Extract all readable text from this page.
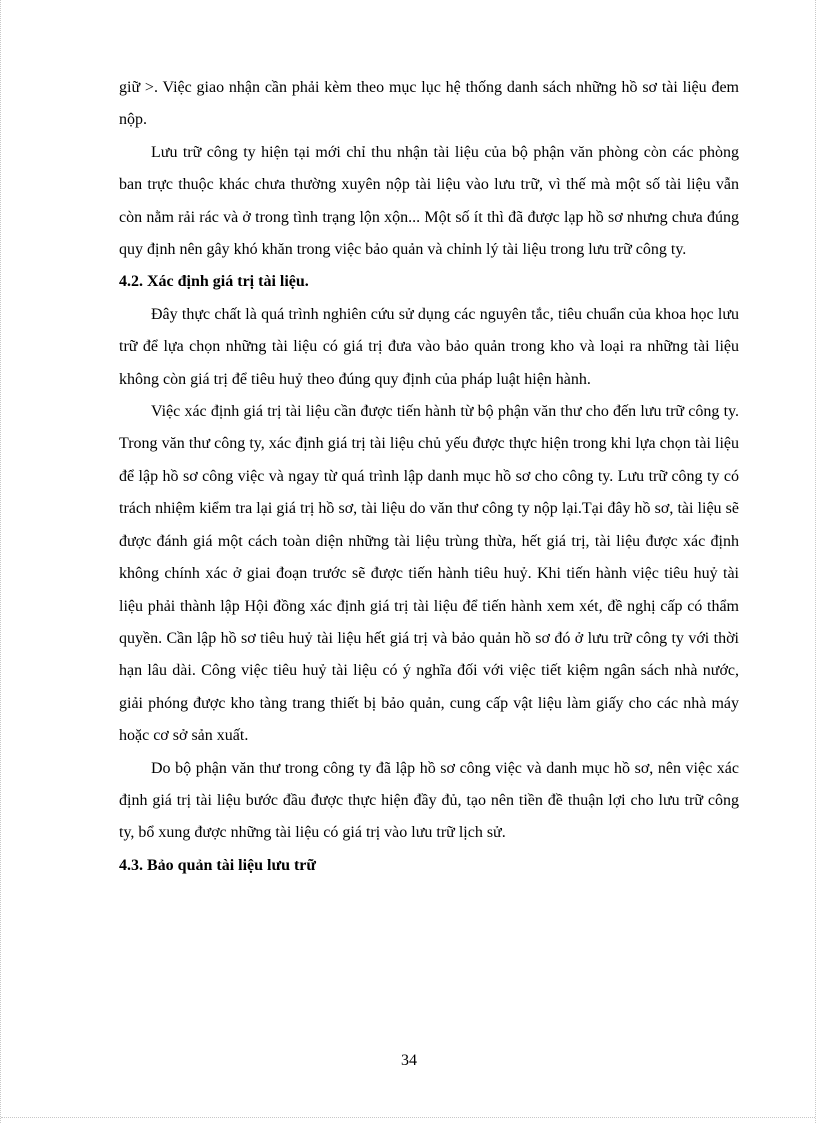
giữ >. Việc giao nhận cần phải kèm theo mục lục hệ thống danh sách những hồ sơ tài liệu đem nộp.

Lưu trữ công ty hiện tại mới chỉ thu nhận tài liệu của bộ phận văn phòng còn các phòng ban trực thuộc khác chưa thường xuyên nộp tài liệu vào lưu trữ, vì thế mà một số tài liệu vẫn còn nằm rải rác và ở trong tình trạng lộn xộn... Một số ít thì đã được lạp hồ sơ nhưng chưa đúng quy định nên gây khó khăn trong việc bảo quản và chỉnh lý tài liệu trong lưu trữ công ty.

4.2. Xác định giá trị tài liệu.

Đây thực chất là quá trình nghiên cứu sử dụng các nguyên tắc, tiêu chuẩn của khoa học lưu trữ để lựa chọn những tài liệu có giá trị đưa vào bảo quản trong kho và loại ra những tài liệu không còn giá trị để tiêu huỷ theo đúng quy định của pháp luật hiện hành.

Việc xác định giá trị tài liệu cần được tiến hành từ bộ phận văn thư cho đến lưu trữ công ty. Trong văn thư công ty, xác định giá trị tài liệu chủ yếu được thực hiện trong khi lựa chọn tài liệu để lập hồ sơ công việc và ngay từ quá trình lập danh mục hồ sơ cho công ty. Lưu trữ công ty có trách nhiệm kiểm tra lại giá trị hồ sơ, tài liệu do văn thư công ty nộp lại.Tại đây hồ sơ, tài liệu sẽ được đánh giá một cách toàn diện những tài liệu trùng thừa, hết giá trị, tài liệu được xác định không chính xác ở giai đoạn trước sẽ được tiến hành tiêu huỷ. Khi tiến hành việc tiêu huỷ tài liệu phải thành lập Hội đồng xác định giá trị tài liệu để tiến hành xem xét, đề nghị cấp có thẩm quyền. Cần lập hồ sơ tiêu huỷ tài liệu hết giá trị và bảo quản hồ sơ đó ở lưu trữ công ty với thời hạn lâu dài. Công việc tiêu huỷ tài liệu có ý nghĩa đối với việc tiết kiệm ngân sách nhà nước, giải phóng được kho tàng trang thiết bị bảo quản, cung cấp vật liệu làm giấy cho các nhà máy hoặc cơ sở sản xuất.

Do bộ phận văn thư trong công ty đã lập hồ sơ công việc và danh mục hồ sơ, nên việc xác định giá trị tài liệu bước đầu được thực hiện đầy đủ, tạo nên tiền đề thuận lợi cho lưu trữ công ty, bổ xung được những tài liệu có giá trị vào lưu trữ lịch sử.

4.3. Bảo quản tài liệu lưu trữ

34
